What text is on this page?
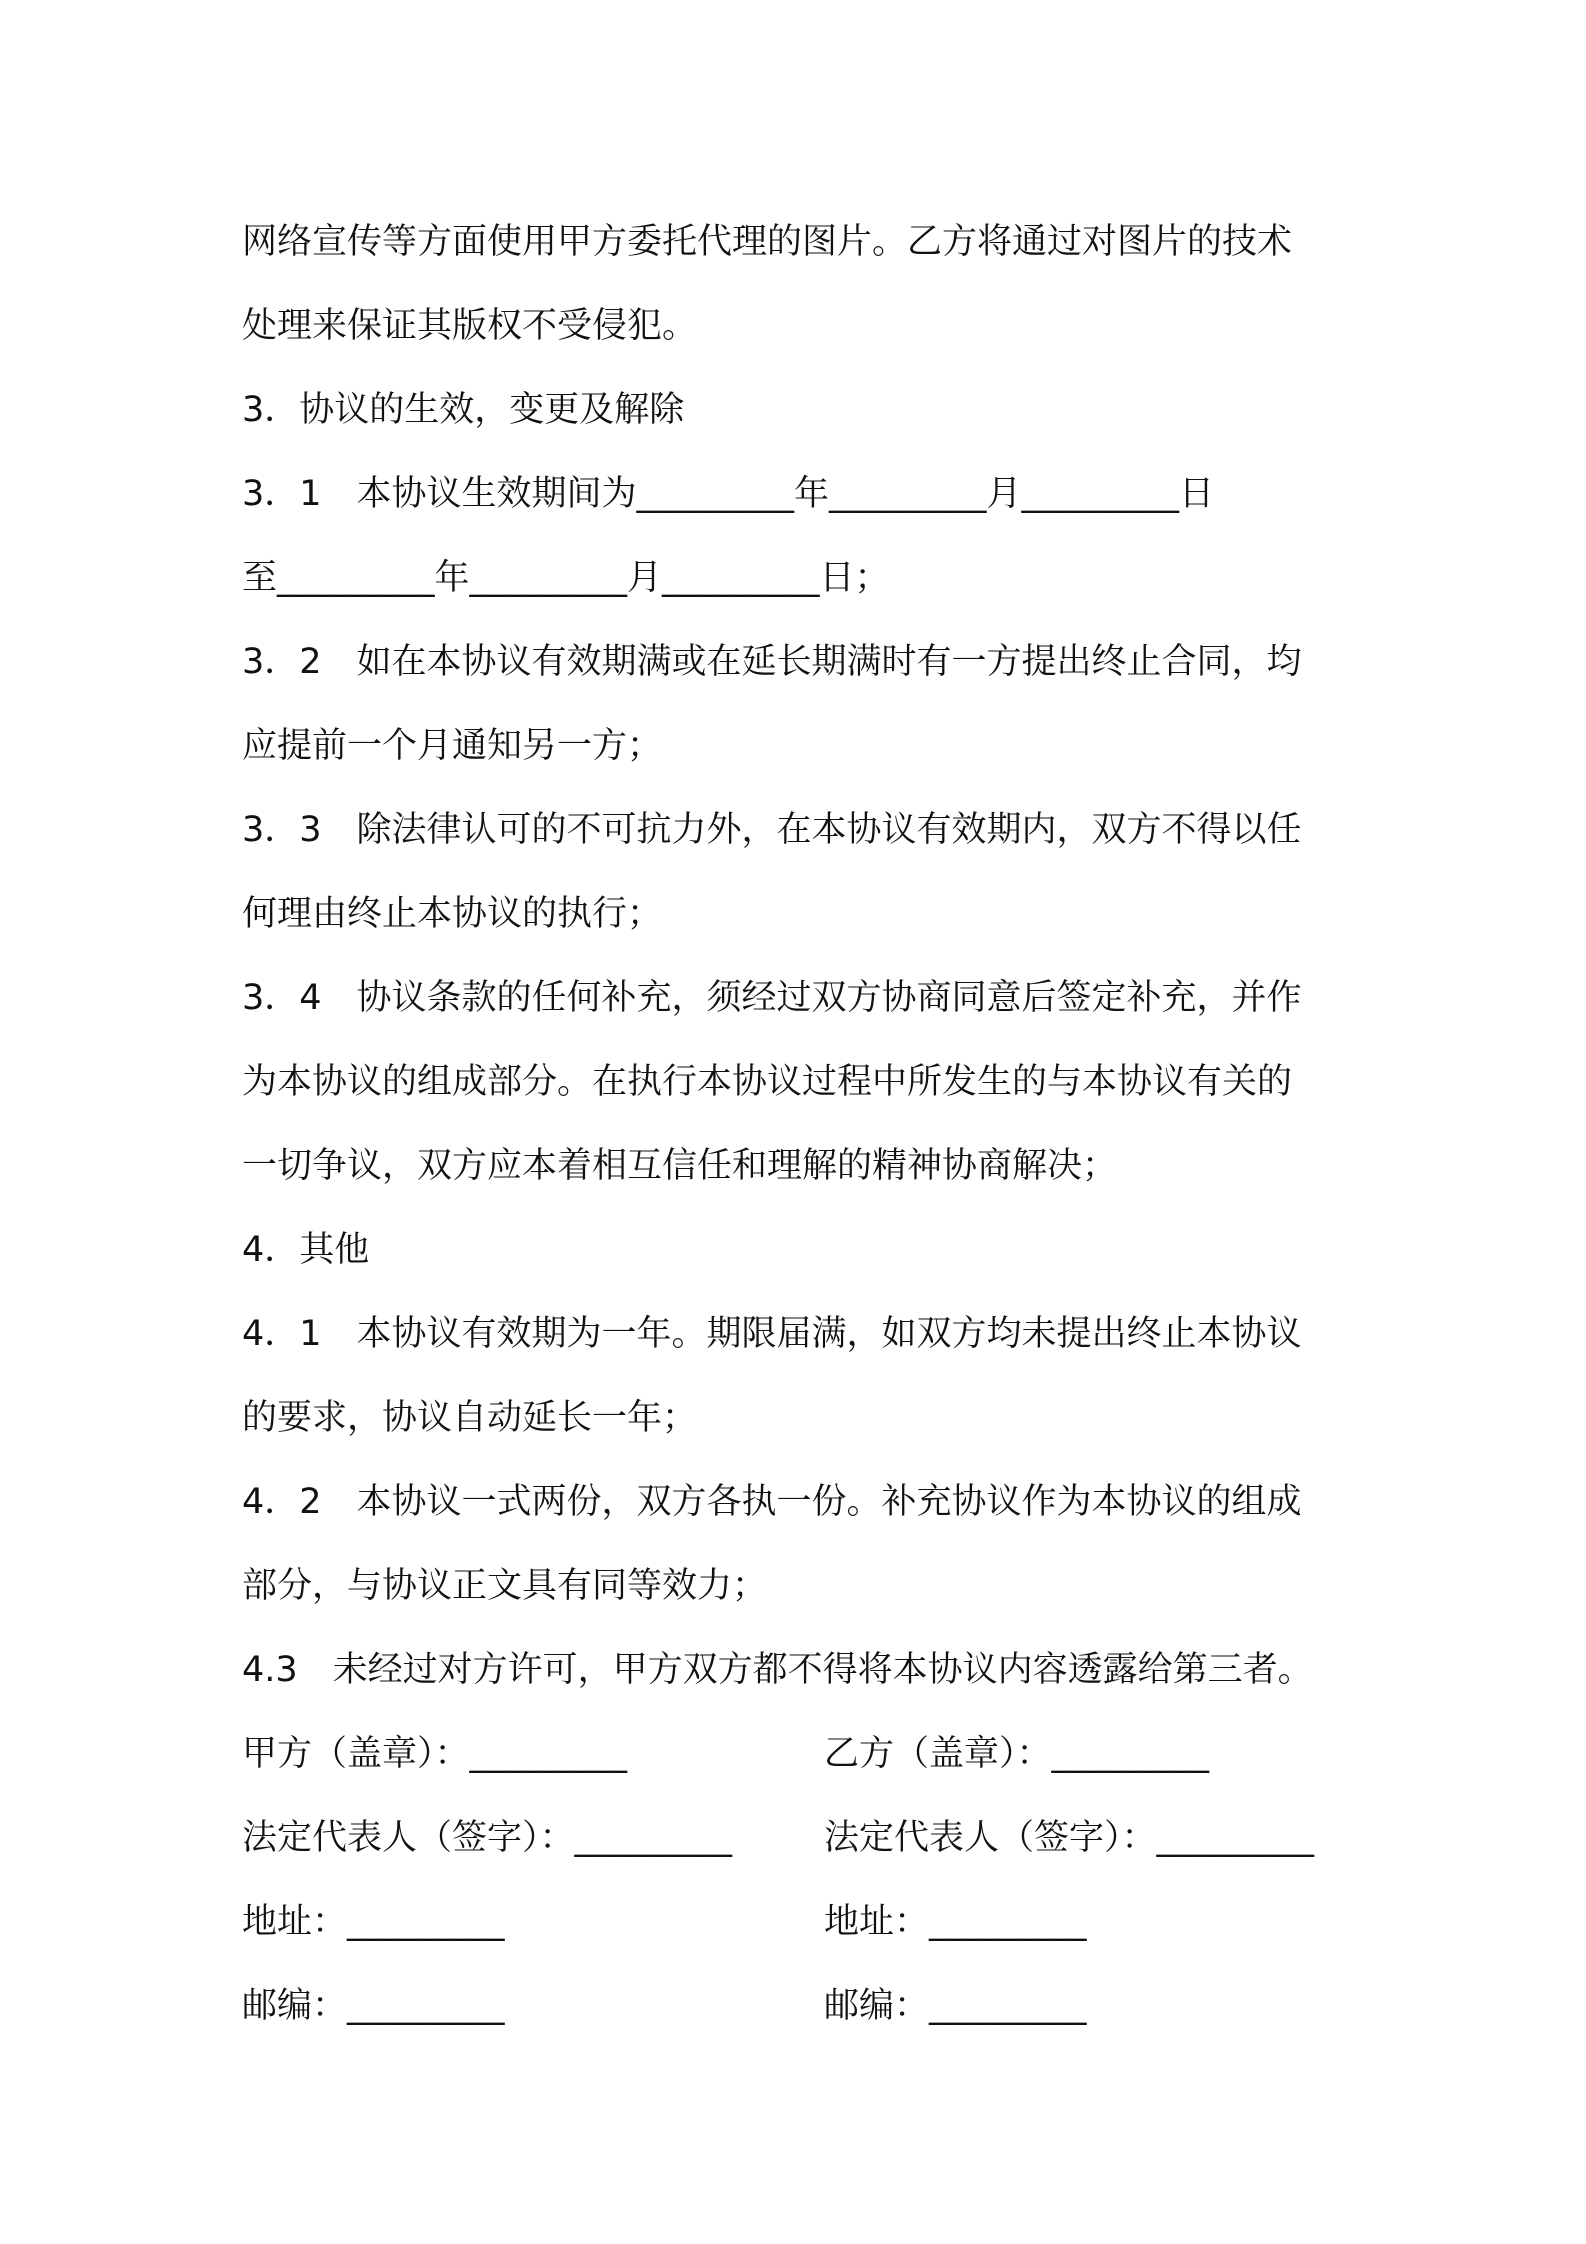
网络宣传等方面使用甲方委托代理的图片。乙方将通过对图片的技术
处理来保证其版权不受侵犯。
3．协议的生效，变更及解除
3．1　本协议生效期间为_________年_________月_________日
至_________年_________月_________日；
3．2　如在本协议有效期满或在延长期满时有一方提出终止合同，均
应提前一个月通知另一方；
3．3　除法律认可的不可抗力外，在本协议有效期内，双方不得以任
何理由终止本协议的执行；
3．4　协议条款的任何补充，须经过双方协商同意后签定补充，并作
为本协议的组成部分。在执行本协议过程中所发生的与本协议有关的
一切争议，双方应本着相互信任和理解的精神协商解决；
4．其他
4．1　本协议有效期为一年。期限届满，如双方均未提出终止本协议
的要求，协议自动延长一年；
4．2　本协议一式两份，双方各执一份。补充协议作为本协议的组成
部分，与协议正文具有同等效力；
4.3　未经过对方许可，甲方双方都不得将本协议内容透露给第三者。
甲方（盖章）：_________	乙方（盖章）：_________
法定代表人（签字）：_________	法定代表人（签字）：_________
地址：_________	地址：_________
邮编：_________	邮编：_________
